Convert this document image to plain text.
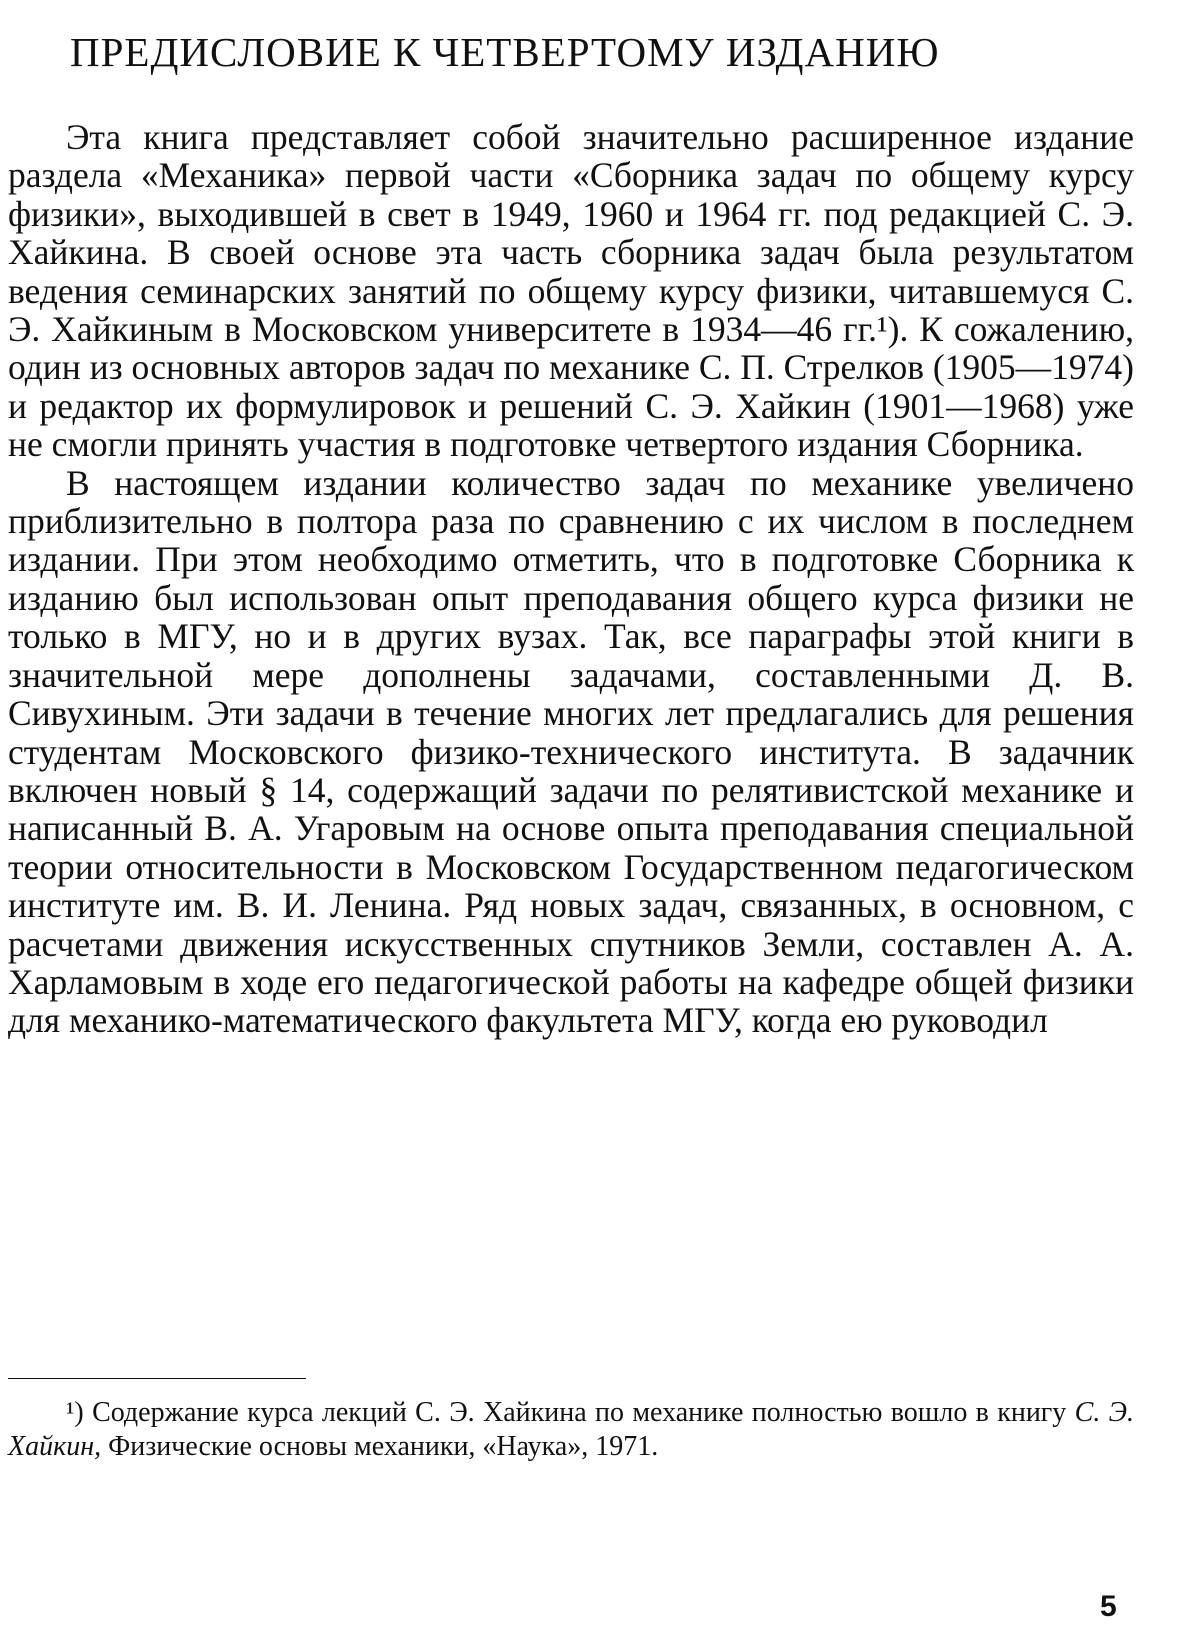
ПРЕДИСЛОВИЕ К ЧЕТВЕРТОМУ ИЗДАНИЮ

Эта книга представляет собой значительно расширенное издание раздела «Механика» первой части «Сборника задач по общему курсу физики», выходившей в свет в 1949, 1960 и 1964 гг. под редакцией С. Э. Хайкина. В своей основе эта часть сборника задач была результатом ведения семинарских занятий по общему курсу физики, читавшемуся С. Э. Хайкиным в Московском университете в 1934—46 гг.¹). К сожалению, один из основных авторов задач по механике С. П. Стрелков (1905—1974) и редактор их формулировок и решений С. Э. Хайкин (1901—1968) уже не смогли принять участия в подготовке четвертого издания Сборника.

В настоящем издании количество задач по механике увеличено приблизительно в полтора раза по сравнению с их числом в последнем издании. При этом необходимо отметить, что в подготовке Сборника к изданию был использован опыт преподавания общего курса физики не только в МГУ, но и в других вузах. Так, все параграфы этой книги в значительной мере дополнены задачами, составленными Д. В. Сивухиным. Эти задачи в течение многих лет предлагались для решения студентам Московского физико-технического института. В задачник включен новый § 14, содержащий задачи по релятивистской механике и написанный В. А. Угаровым на основе опыта преподавания специальной теории относительности в Московском Государственном педагогическом институте им. В. И. Ленина. Ряд новых задач, связанных, в основном, с расчетами движения искусственных спутников Земли, составлен А. А. Харламовым в ходе его педагогической работы на кафедре общей физики для механико-математического факультета МГУ, когда ею руководил

¹) Содержание курса лекций С. Э. Хайкина по механике полностью вошло в книгу С. Э. Хайкин, Физические основы механики, «Наука», 1971.
5
